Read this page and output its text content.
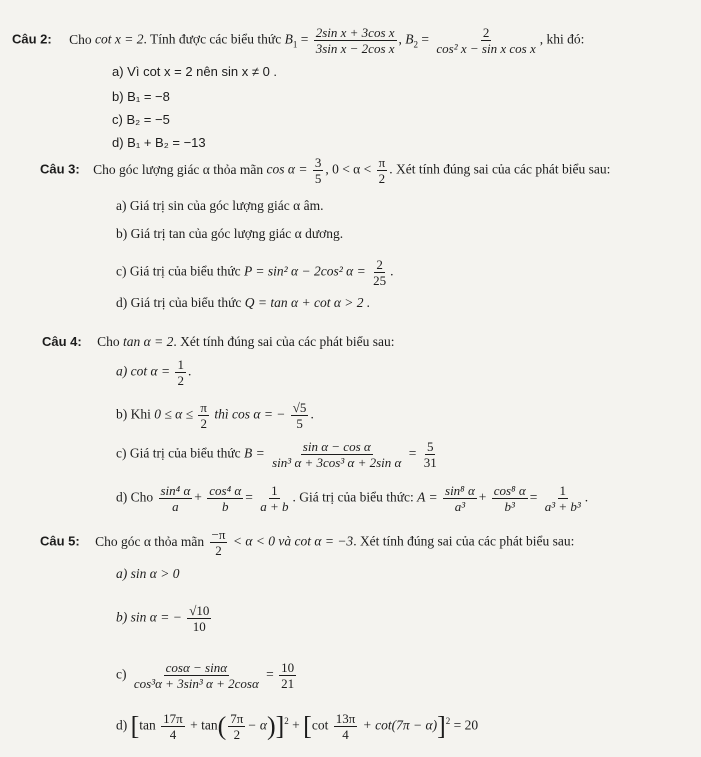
Câu 2: Cho cot x = 2. Tính được các biểu thức $B_1 = \frac{\text{2sin x + 3cos x}}{\text{3sin x − 2cos x}}$ , $B_2 = \frac{2}{\text{cos² x − sin x cos x}}$ , khi đó:
a) Vì cot x = 2 nên sin x ≠ 0 .
b) B₁ = −8
c) B₂ = −5
d) B₁ + B₂ = −13
Câu 3: Cho góc lượng giác α thỏa mãn $\cos \alpha = \frac{3}{5}$ , $0 < \alpha < \frac{\pi}{2}$ . Xét tính đúng sai của các phát biểu sau:
a) Giá trị sin của góc lượng giác α âm.
b) Giá trị tan của góc lượng giác α dương.
c) Giá trị của biểu thức P = sin² α − 2cos² $\alpha = \frac{2}{25}$ .
d) Giá trị của biểu thức Q = tan α + cot α > 2 .
Câu 4: Cho tan α = 2. Xét tính đúng sai của các phát biểu sau:
a) $\cot \alpha = \frac{1}{2}$ .
b) Khi $0 \le \alpha \le \frac{\pi}{2}$ thì cos α = − $\frac{√5}{5}$ .
c) Giá trị của biểu thức $B = \frac{\text{sin α − cos α}}{\text{sin³ α + 3cos³ α + 2sin α}} = \frac{5}{31}$
d) Cho $\frac{\text{sin⁴ α}}{a} + \frac{\text{cos⁴ α}}{b} = \frac{1}{a + b}$ . Giá trị của biểu thức: $A = \frac{\text{sin⁸ α}}{\text{a³}} + \frac{\text{cos⁸ α}}{\text{b³}} = \frac{1}{\text{a³ + b³}}$ .
Câu 5: Cho góc α thỏa mãn $\frac{-\pi}{2} < \alpha < 0$ và cot α = −3. Xét tính đúng sai của các phát biểu sau:
a) sin α > 0
b) sin α = − $\frac{√10}{10}$
$c) \frac{\cos\alpha - \sin\alpha}{\text{cos³α + 3sin³ α + 2cosα}} = \frac{10}{21}$
d) $[\tan \frac{17\pi}{4} + \tan( \frac{7\pi}{2} - \alpha)]^2 + [\cot \frac{13\pi}{4} + \cot(7\pi - \alpha)]^2 = 20$
